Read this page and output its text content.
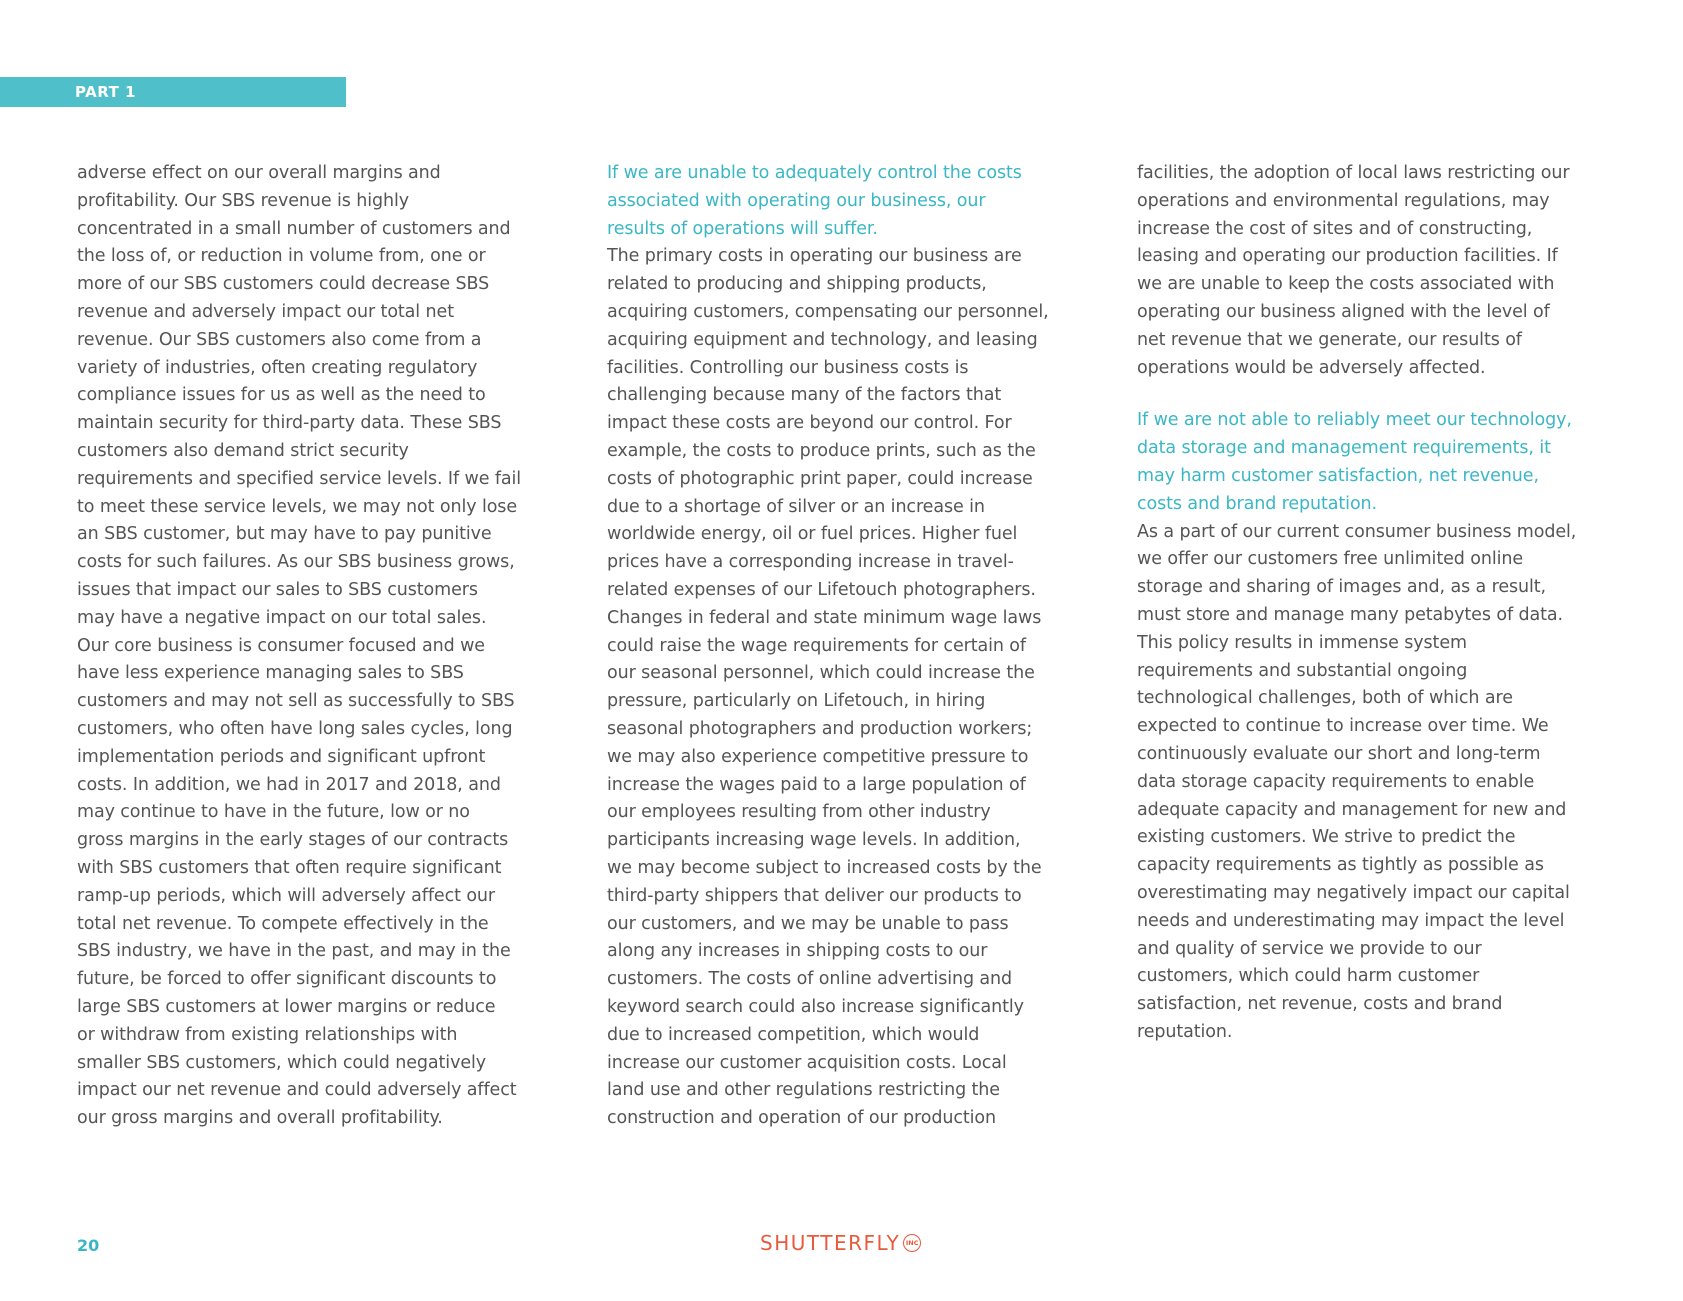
PART 1

adverse effect on our overall margins and
profitability. Our SBS revenue is highly
concentrated in a small number of customers and
the loss of, or reduction in volume from, one or
more of our SBS customers could decrease SBS
revenue and adversely impact our total net
revenue. Our SBS customers also come from a
variety of industries, often creating regulatory
compliance issues for us as well as the need to
maintain security for third-party data. These SBS
customers also demand strict security
requirements and specified service levels. If we fail
to meet these service levels, we may not only lose
an SBS customer, but may have to pay punitive
costs for such failures. As our SBS business grows,
issues that impact our sales to SBS customers
may have a negative impact on our total sales.
Our core business is consumer focused and we
have less experience managing sales to SBS
customers and may not sell as successfully to SBS
customers, who often have long sales cycles, long
implementation periods and significant upfront
costs. In addition, we had in 2017 and 2018, and
may continue to have in the future, low or no
gross margins in the early stages of our contracts
with SBS customers that often require significant
ramp-up periods, which will adversely affect our
total net revenue. To compete effectively in the
SBS industry, we have in the past, and may in the
future, be forced to offer significant discounts to
large SBS customers at lower margins or reduce
or withdraw from existing relationships with
smaller SBS customers, which could negatively
impact our net revenue and could adversely affect
our gross margins and overall profitability.

If we are unable to adequately control the costs
associated with operating our business, our
results of operations will suffer.

The primary costs in operating our business are
related to producing and shipping products,
acquiring customers, compensating our personnel,
acquiring equipment and technology, and leasing
facilities. Controlling our business costs is
challenging because many of the factors that
impact these costs are beyond our control. For
example, the costs to produce prints, such as the
costs of photographic print paper, could increase
due to a shortage of silver or an increase in
worldwide energy, oil or fuel prices. Higher fuel
prices have a corresponding increase in travel-
related expenses of our Lifetouch photographers.
Changes in federal and state minimum wage laws
could raise the wage requirements for certain of
our seasonal personnel, which could increase the
pressure, particularly on Lifetouch, in hiring
seasonal photographers and production workers;
we may also experience competitive pressure to
increase the wages paid to a large population of
our employees resulting from other industry
participants increasing wage levels. In addition,
we may become subject to increased costs by the
third-party shippers that deliver our products to
our customers, and we may be unable to pass
along any increases in shipping costs to our
customers. The costs of online advertising and
keyword search could also increase significantly
due to increased competition, which would
increase our customer acquisition costs. Local
land use and other regulations restricting the
construction and operation of our production

facilities, the adoption of local laws restricting our
operations and environmental regulations, may
increase the cost of sites and of constructing,
leasing and operating our production facilities. If
we are unable to keep the costs associated with
operating our business aligned with the level of
net revenue that we generate, our results of
operations would be adversely affected.

If we are not able to reliably meet our technology,
data storage and management requirements, it
may harm customer satisfaction, net revenue,
costs and brand reputation.

As a part of our current consumer business model,
we offer our customers free unlimited online
storage and sharing of images and, as a result,
must store and manage many petabytes of data.
This policy results in immense system
requirements and substantial ongoing
technological challenges, both of which are
expected to continue to increase over time. We
continuously evaluate our short and long-term
data storage capacity requirements to enable
adequate capacity and management for new and
existing customers. We strive to predict the
capacity requirements as tightly as possible as
overestimating may negatively impact our capital
needs and underestimating may impact the level
and quality of service we provide to our
customers, which could harm customer
satisfaction, net revenue, costs and brand
reputation.

20	SHUTTERFLY INC
